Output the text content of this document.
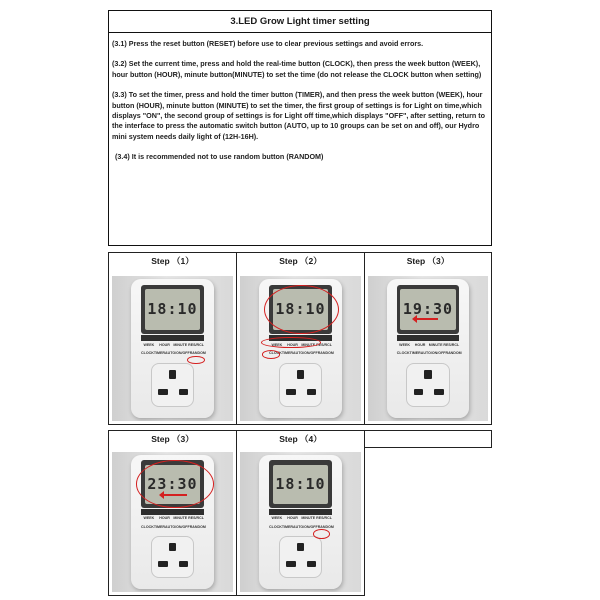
3.LED Grow Light timer setting

(3.1) Press the reset button (RESET) before use to clear previous settings and avoid errors.

(3.2) Set the current time, press and hold the real-time button (CLOCK), then press the week button (WEEK), hour button (HOUR), minute button(MINUTE) to set the time (do not release the CLOCK button when setting)

(3.3) To set the timer, press and hold the timer button (TIMER), and then press the week button (WEEK), hour button (HOUR), minute button (MINUTE) to set the timer, the first group of settings is for Light on time,which displays "ON", the second group of settings is for Light off time,which displays "OFF", after setting, return to the interface to press the automatic switch button (AUTO, up to 10 groups can be set on and off), our Hydro mini system needs daily light of (12H-16H).

(3.4) It is recommended not to use random button (RANDOM)

Step （1）	Step （2）	Step （3）
Step （3）	Step （4）
18:10
WEEK	HOUR MINUTE RES/RCL
CLOCK TIMER AUTO/ON/OFF RANDOM
18:10
WEEK	HOUR MINUTE RES/RCL
CLOCK TIMER AUTO/ON/OFF RANDOM
19:30
WEEK	HOUR MINUTE RES/RCL
CLOCK TIMER AUTO/ON/OFF RANDOM
23:30
WEEK	HOUR MINUTE RES/RCL
CLOCK TIMER AUTO/ON/OFF RANDOM
18:10
WEEK	HOUR MINUTE RES/RCL
CLOCK TIMER AUTO/ON/OFF RANDOM
